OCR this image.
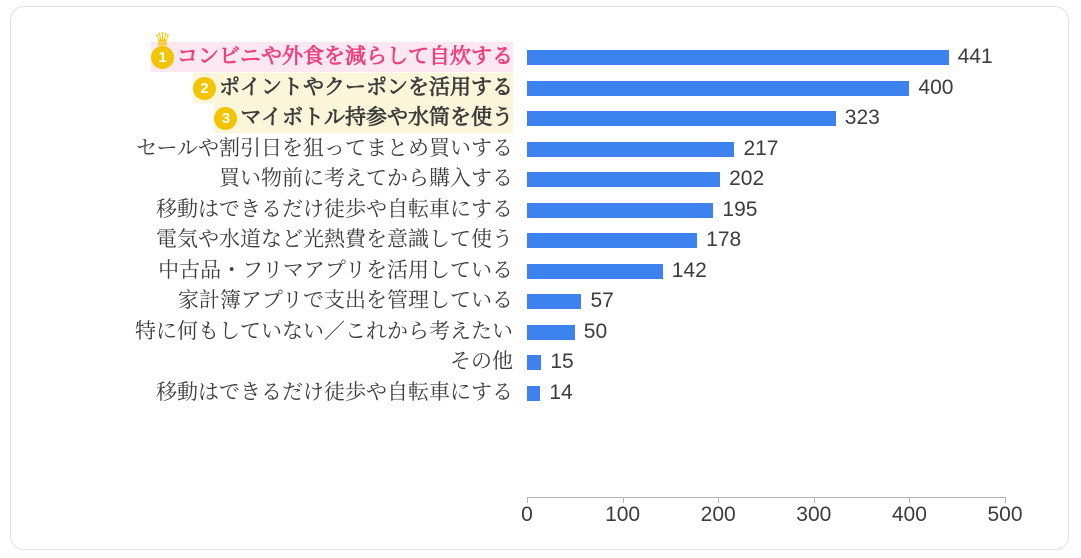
1
♛
コンビニや外食を減らして自炊する	441
2 ポイントやクーポンを活用する	400
3 マイボトル持参や水筒を使う	323
セールや割引日を狙ってまとめ買いする	217
買い物前に考えてから購入する	202
移動はできるだけ徒歩や自転車にする	195
電気や水道など光熱費を意識して使う	178
中古品・フリマアプリを活用している	142
家計簿アプリで支出を管理している	57
特に何もしていない／これから考えたい	50
その他 15
移動はできるだけ徒歩や自転車にする 14
0	100	200	300	400	500
